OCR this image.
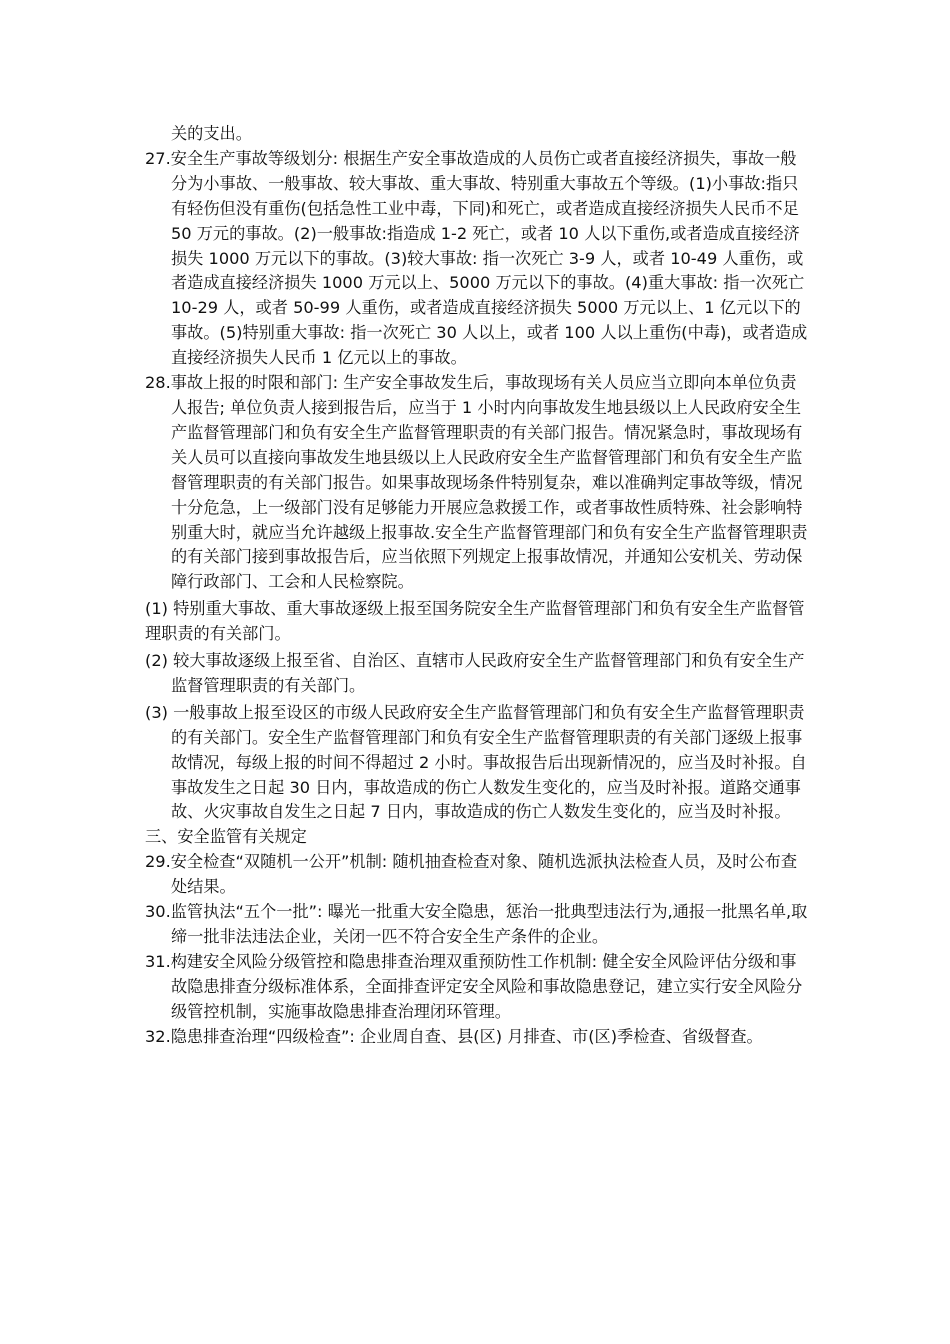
关的支出。

27.安全生产事故等级划分: 根据生产安全事故造成的人员伤亡或者直接经济损失，事故一般分为小事故、一般事故、较大事故、重大事故、特别重大事故五个等级。(1)小事故:指只有轻伤但没有重伤(包括急性工业中毒，下同)和死亡，或者造成直接经济损失人民币不足 50 万元的事故。(2)一般事故:指造成 1-2 死亡，或者 10 人以下重伤,或者造成直接经济损失 1000 万元以下的事故。(3)较大事故: 指一次死亡 3-9 人，或者 10-49 人重伤，或者造成直接经济损失 1000 万元以上、5000 万元以下的事故。(4)重大事故: 指一次死亡 10-29 人，或者 50-99 人重伤，或者造成直接经济损失 5000 万元以上、1 亿元以下的事故。(5)特别重大事故: 指一次死亡 30 人以上，或者 100 人以上重伤(中毒)，或者造成直接经济损失人民币 1 亿元以上的事故。

28.事故上报的时限和部门: 生产安全事故发生后，事故现场有关人员应当立即向本单位负责人报告; 单位负责人接到报告后，应当于 1 小时内向事故发生地县级以上人民政府安全生产监督管理部门和负有安全生产监督管理职责的有关部门报告。情况紧急时，事故现场有关人员可以直接向事故发生地县级以上人民政府安全生产监督管理部门和负有安全生产监督管理职责的有关部门报告。如果事故现场条件特别复杂，难以准确判定事故等级，情况十分危急，上一级部门没有足够能力开展应急救援工作，或者事故性质特殊、社会影响特别重大时，就应当允许越级上报事故.安全生产监督管理部门和负有安全生产监督管理职责的有关部门接到事故报告后，应当依照下列规定上报事故情况，并通知公安机关、劳动保障行政部门、工会和人民检察院。

(1) 特别重大事故、重大事故逐级上报至国务院安全生产监督管理部门和负有安全生产监督管理职责的有关部门。

(2) 较大事故逐级上报至省、自治区、直辖市人民政府安全生产监督管理部门和负有安全生产监督管理职责的有关部门。

(3) 一般事故上报至设区的市级人民政府安全生产监督管理部门和负有安全生产监督管理职责的有关部门。安全生产监督管理部门和负有安全生产监督管理职责的有关部门逐级上报事故情况，每级上报的时间不得超过 2 小时。事故报告后出现新情况的，应当及时补报。自事故发生之日起 30 日内，事故造成的伤亡人数发生变化的，应当及时补报。道路交通事故、火灾事故自发生之日起 7 日内，事故造成的伤亡人数发生变化的，应当及时补报。

三、安全监管有关规定

29.安全检查“双随机一公开”机制: 随机抽查检查对象、随机选派执法检查人员，及时公布查处结果。

30.监管执法“五个一批”: 曝光一批重大安全隐患，惩治一批典型违法行为,通报一批黑名单,取缔一批非法违法企业，关闭一匹不符合安全生产条件的企业。

31.构建安全风险分级管控和隐患排查治理双重预防性工作机制: 健全安全风险评估分级和事故隐患排查分级标准体系，全面排查评定安全风险和事故隐患登记，建立实行安全风险分级管控机制，实施事故隐患排查治理闭环管理。

32.隐患排查治理“四级检查”: 企业周自查、县(区) 月排查、市(区)季检查、省级督查。
